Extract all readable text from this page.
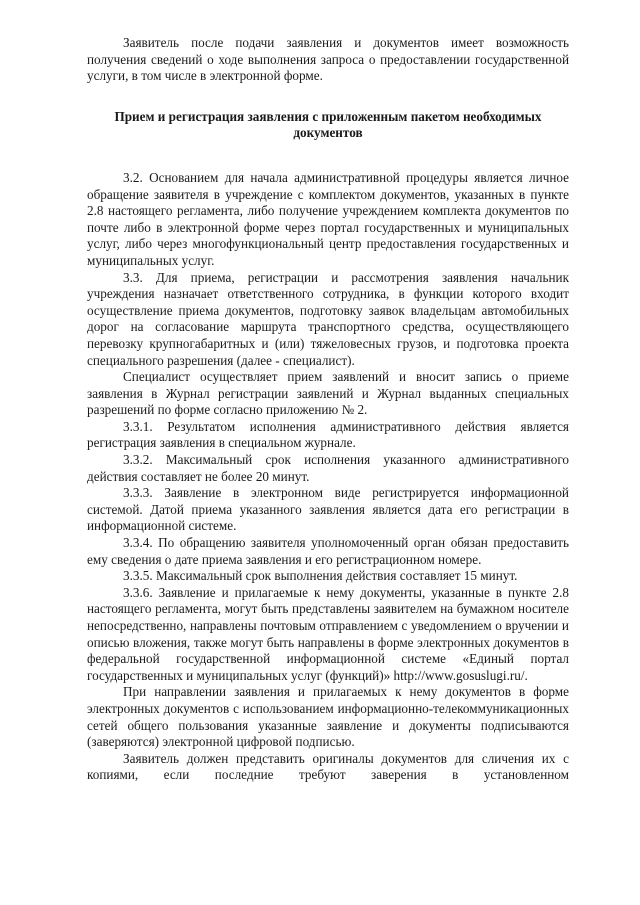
Заявитель после подачи заявления и документов имеет возможность получения сведений о ходе выполнения запроса о предоставлении государственной услуги, в том числе в электронной форме.

Прием и регистрация заявления с приложенным пакетом необходимых документов

3.2. Основанием для начала административной процедуры является личное обращение заявителя в учреждение с комплектом документов, указанных в пункте 2.8 настоящего регламента, либо получение учреждением комплекта документов по почте либо в электронной форме через портал государственных и муниципальных услуг, либо через многофункциональный центр предоставления государственных и муниципальных услуг.

3.3. Для приема, регистрации и рассмотрения заявления начальник учреждения назначает ответственного сотрудника, в функции которого входит осуществление приема документов, подготовку заявок владельцам автомобильных дорог на согласование маршрута транспортного средства, осуществляющего перевозку крупногабаритных и (или) тяжеловесных грузов, и подготовка проекта специального разрешения (далее - специалист).

Специалист осуществляет прием заявлений и вносит запись о приеме заявления в Журнал регистрации заявлений и Журнал выданных специальных разрешений по форме согласно приложению № 2.

3.3.1. Результатом исполнения административного действия является регистрация заявления в специальном журнале.

3.3.2. Максимальный срок исполнения указанного административного действия составляет не более 20 минут.

3.3.3. Заявление в электронном виде регистрируется информационной системой. Датой приема указанного заявления является дата его регистрации в информационной системе.

3.3.4. По обращению заявителя уполномоченный орган обязан предоставить ему сведения о дате приема заявления и его регистрационном номере.

3.3.5. Максимальный срок выполнения действия составляет 15 минут.

3.3.6. Заявление и прилагаемые к нему документы, указанные в пункте 2.8 настоящего регламента, могут быть представлены заявителем на бумажном носителе непосредственно, направлены почтовым отправлением с уведомлением о вручении и описью вложения, также могут быть направлены в форме электронных документов в федеральной государственной информационной системе «Единый портал государственных и муниципальных услуг (функций)» http://www.gosuslugi.ru/.

При направлении заявления и прилагаемых к нему документов в форме электронных документов с использованием информационно-телекоммуникационных сетей общего пользования указанные заявление и документы подписываются (заверяются) электронной цифровой подписью.

Заявитель должен представить оригиналы документов для сличения их с копиями, если последние требуют заверения в установленном
